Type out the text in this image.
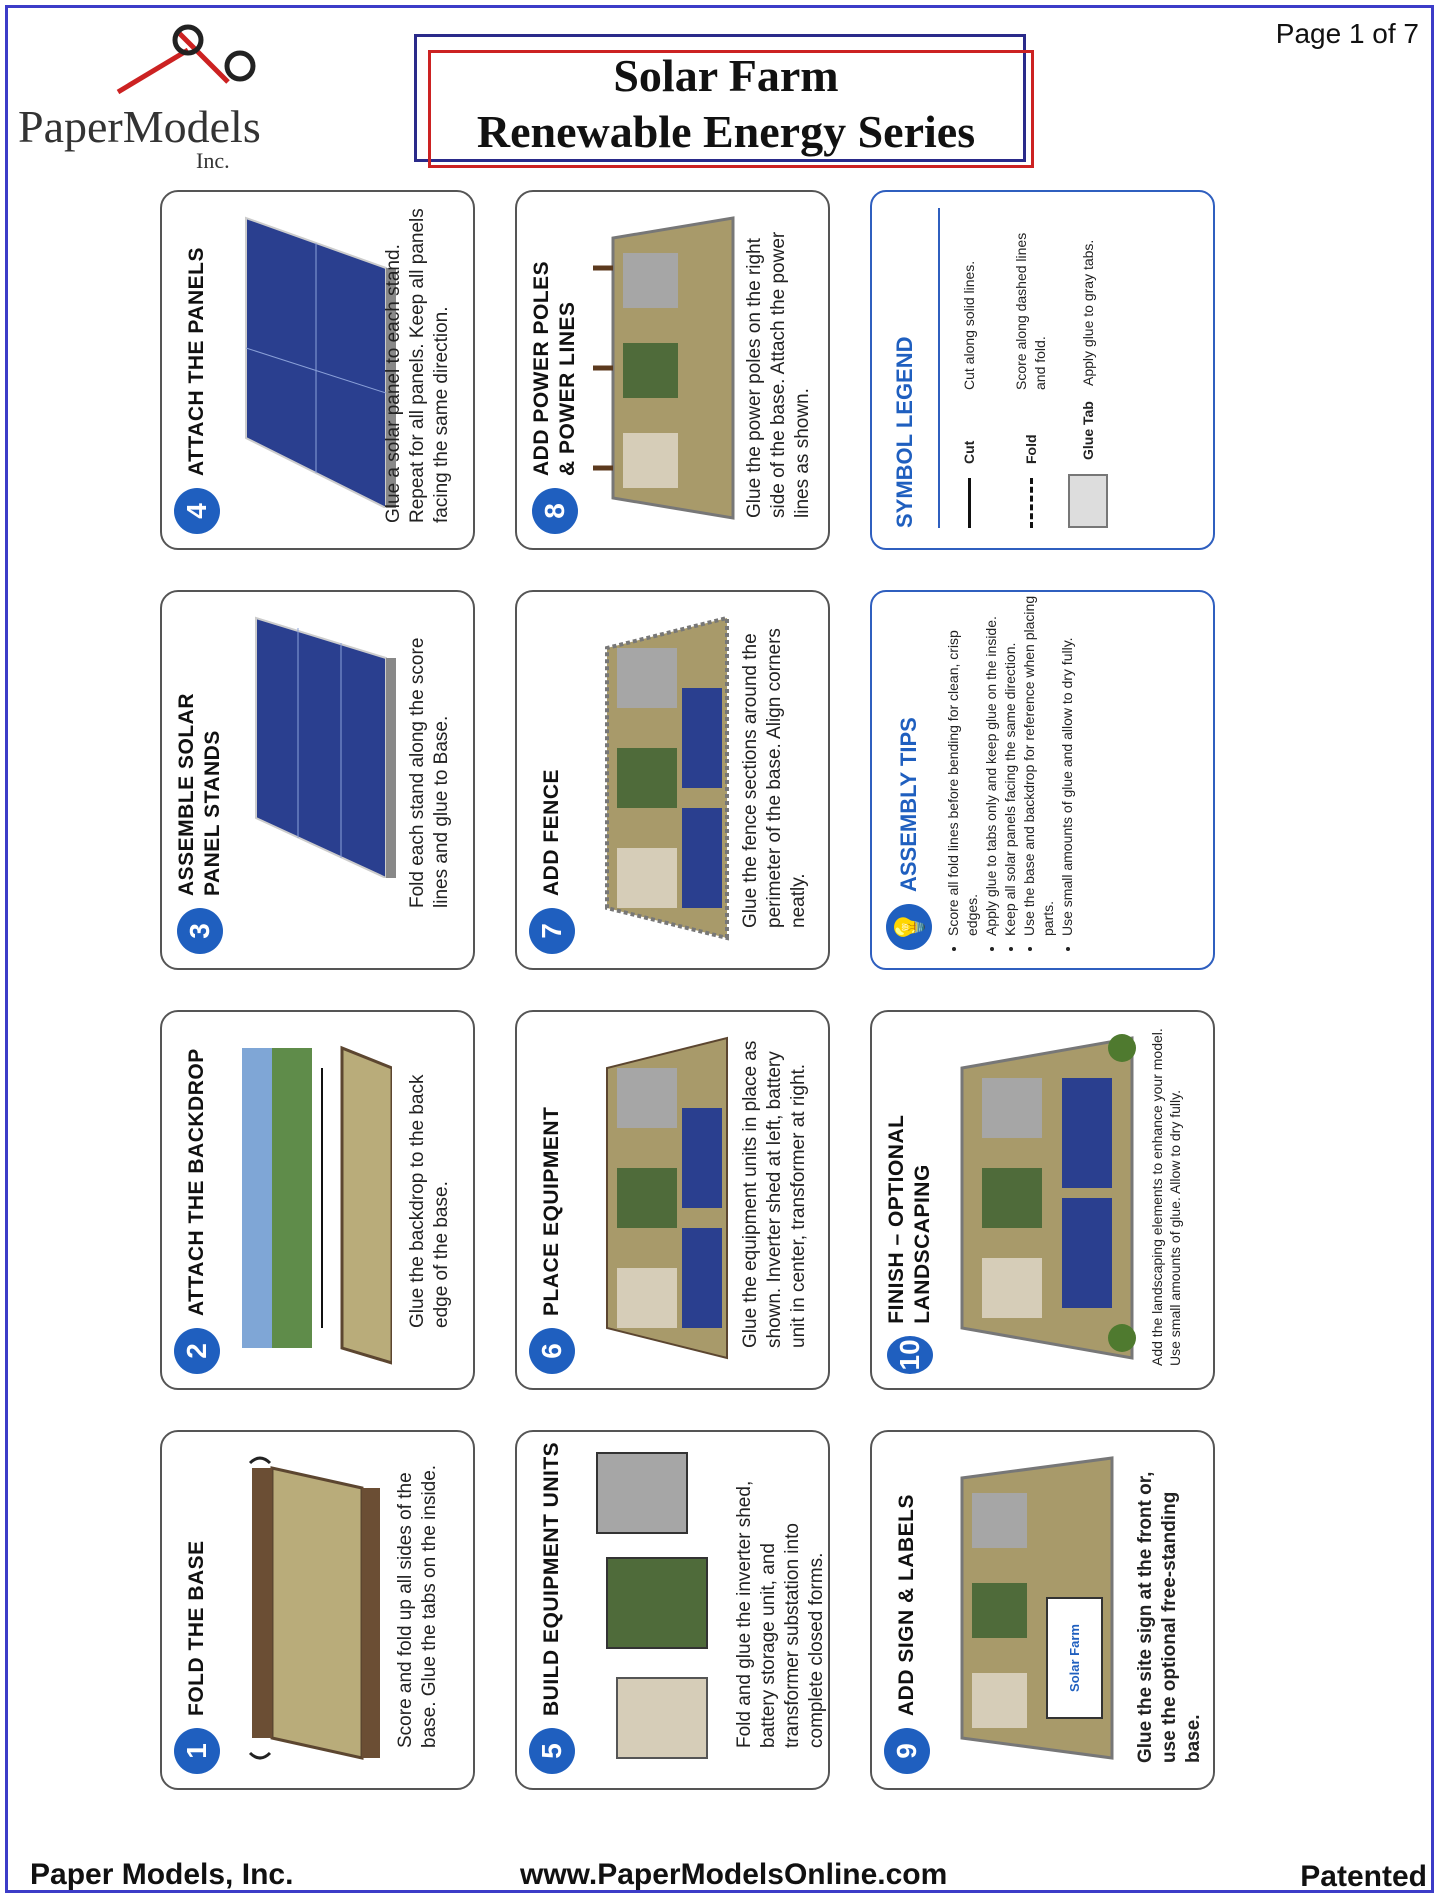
PaperModels
Inc.
Solar Farm
Renewable Energy Series
Page 1 of 7
1
FOLD THE BASE	Score and fold up all sides of the base. Glue the tabs on the inside.
2
ATTACH THE BACKDROP	Glue the backdrop to the back edge of the base.
3
ASSEMBLE SOLAR PANEL STANDS	Fold each stand along the score lines and glue to Base.
4
ATTACH THE PANELS	Glue a solar panel to each stand. Repeat for all panels. Keep all panels facing the same direction.
5
BUILD EQUIPMENT UNITS	Fold and glue the inverter shed, battery storage unit, and transformer substation into complete closed forms.
6
PLACE EQUIPMENT	Glue the equipment units in place as shown. Inverter shed at left, battery unit in center, transformer at right.
7
ADD FENCE	Glue the fence sections around the perimeter of the base. Align corners neatly.
8
ADD POWER POLES & POWER LINES	Glue the power poles on the right side of the base. Attach the power lines as shown.
9
ADD SIGN & LABELS	Solar Farm	Glue the site sign at the front or, use the optional free-standing base.
10
FINISH – OPTIONAL LANDSCAPING	Add the landscaping elements to enhance your model. Use small amounts of glue. Allow to dry fully.
💡
ASSEMBLY TIPS • Score all fold lines before bending for clean, crisp edges. • Apply glue to tabs only and keep glue on the inside. • Keep all solar panels facing the same direction. • Use the base and backdrop for reference when placing parts. • Use small amounts of glue and allow to dry fully.
SYMBOL LEGEND	Cut
Cut along solid lines.
Fold
Score along dashed lines and fold.
Glue Tab
Apply glue to gray tabs.
Paper Models, Inc.	www.PaperModelsOnline.com	Patented
